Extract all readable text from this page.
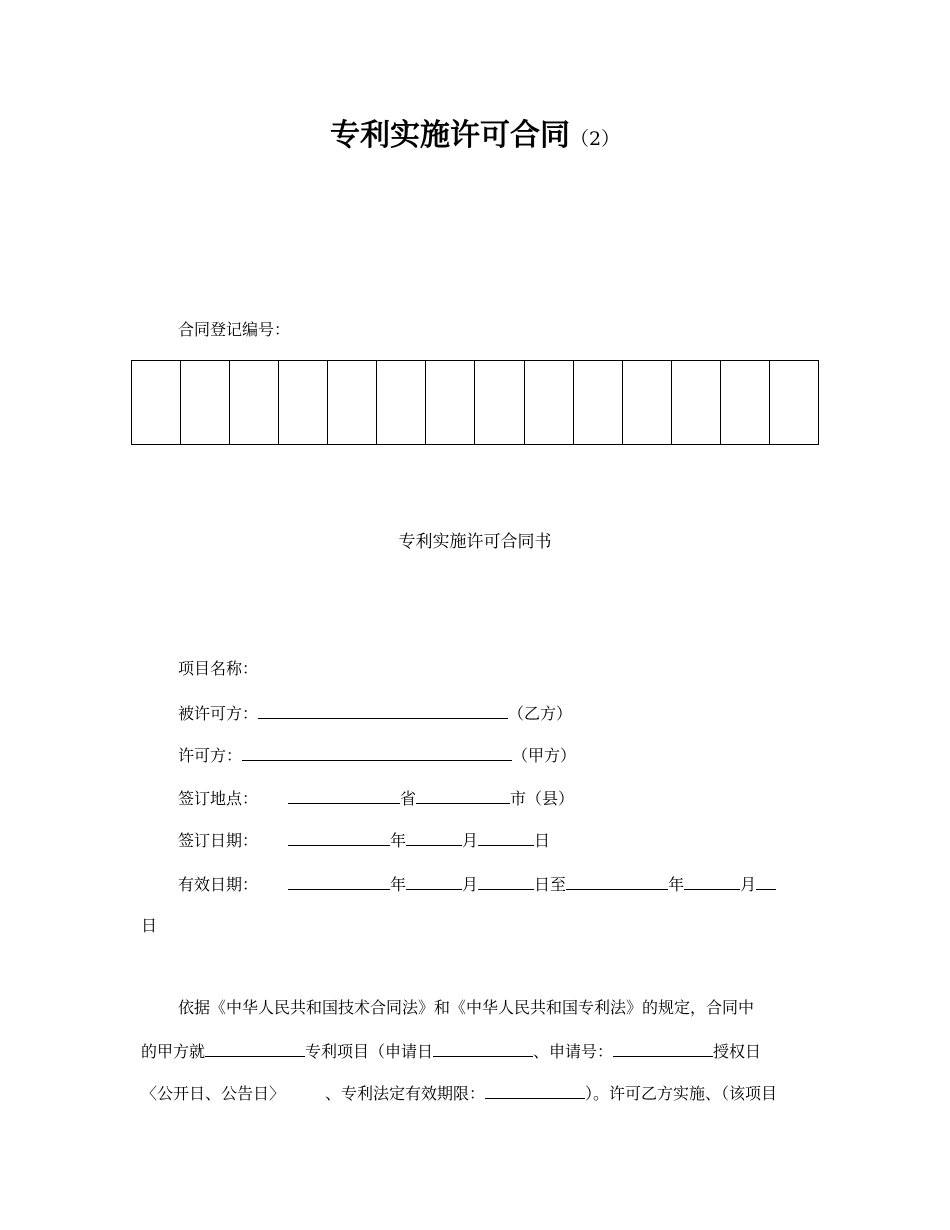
专利实施许可合同（2）
合同登记编号：

专利实施许可合同书
项目名称：
被许可方：	（乙方）
许可方：	（甲方）
签订地点：	省	市（县）
签订日期：	年	月	日
有效日期：	年	月	日至	年	月
日
依据《中华人民共和国技术合同法》和《中华人民共和国专利法》的规定，合同中
的甲方就	专利项目（申请日	、申请号：	授权日
〈公开日、公告日〉	、专利法定有效期限：	）。许可乙方实施、（该项目
